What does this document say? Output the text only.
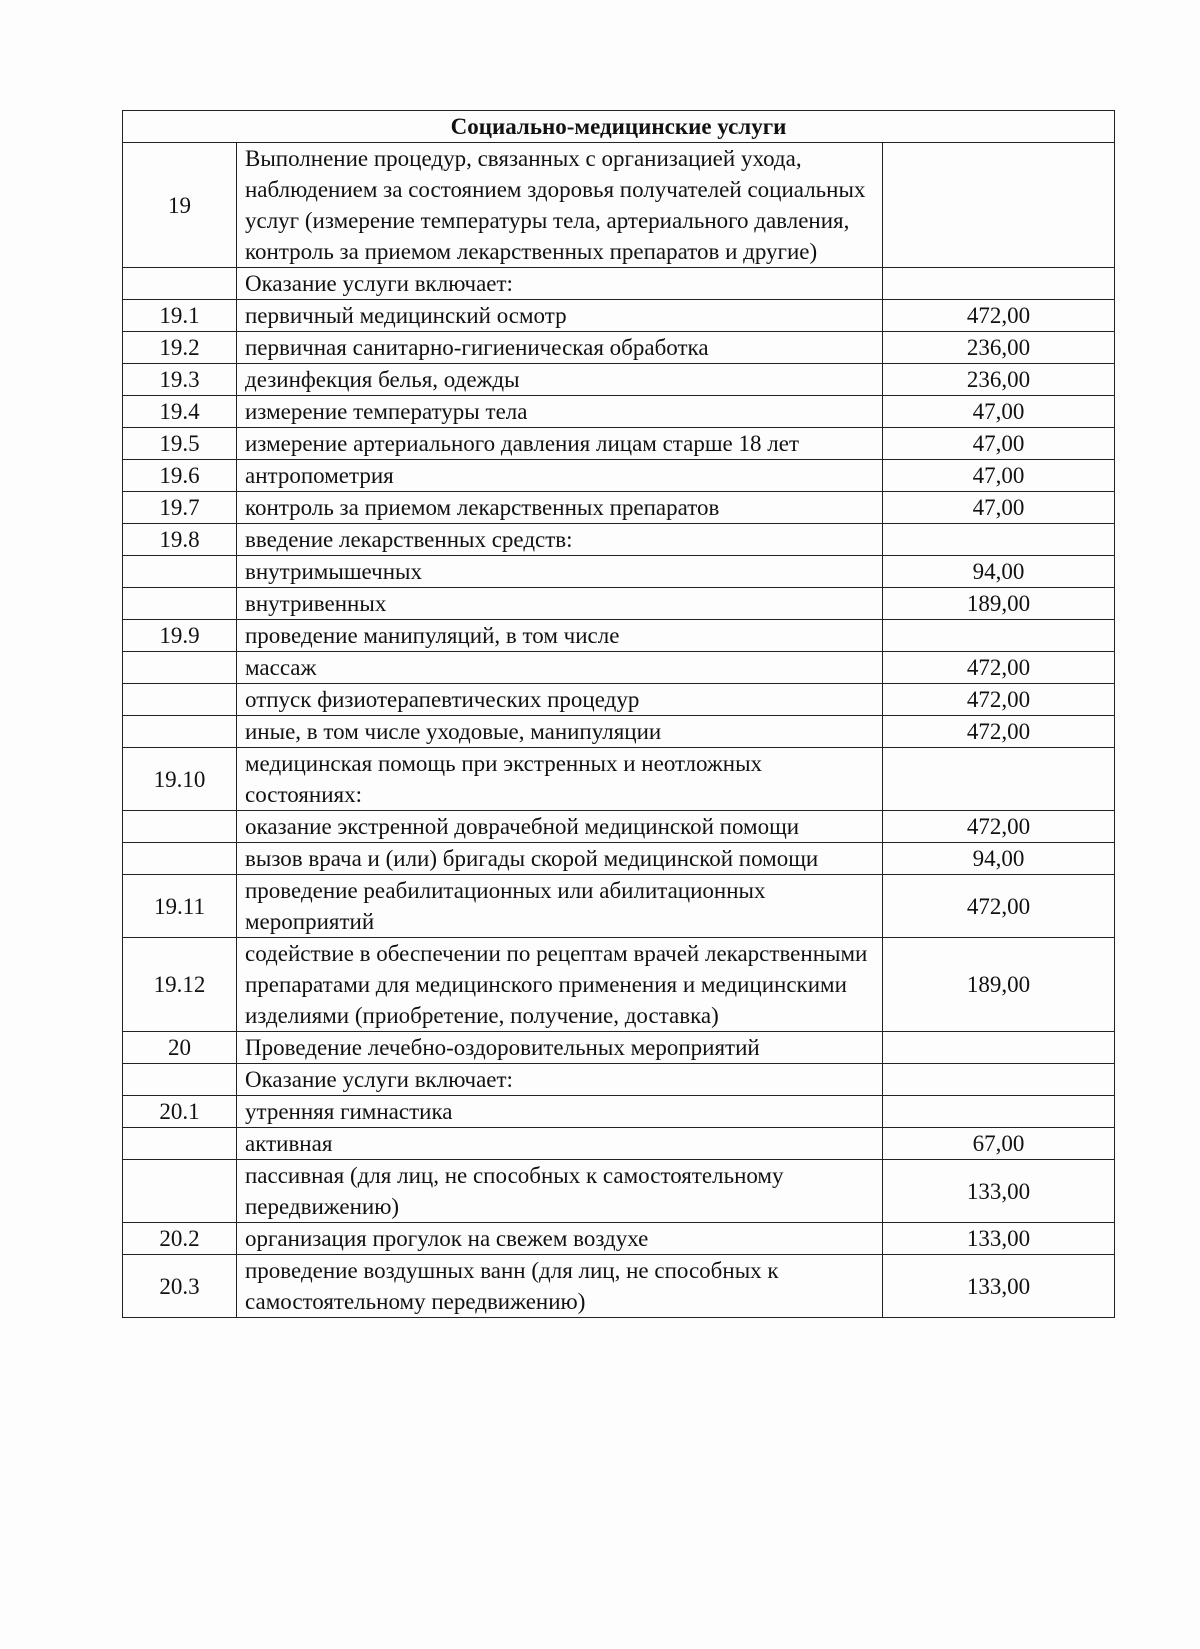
Социально-медицинские услуги		
19	Выполнение процедур, связанных с организацией ухода, наблюдением за состоянием здоровья получателей социальных услуг (измерение температуры тела, артериального давления, контроль за приемом лекарственных препаратов и другие)	
	Оказание услуги включает:	
19.1	первичный медицинский осмотр	472,00
19.2	первичная санитарно-гигиеническая обработка	236,00
19.3	дезинфекция белья, одежды	236,00
19.4	измерение температуры тела	47,00
19.5	измерение артериального давления лицам старше 18 лет	47,00
19.6	антропометрия	47,00
19.7	контроль за приемом лекарственных препаратов	47,00
19.8	введение лекарственных средств:	
	внутримышечных	94,00
	внутривенных	189,00
19.9	проведение манипуляций, в том числе	
	массаж	472,00
	отпуск физиотерапевтических процедур	472,00
	иные, в том числе уходовые, манипуляции	472,00
19.10	медицинская помощь при экстренных и неотложных состояниях:	
	оказание экстренной доврачебной медицинской помощи	472,00
	вызов врача и (или) бригады скорой медицинской помощи	94,00
19.11	проведение реабилитационных или абилитационных мероприятий	472,00
19.12	содействие в обеспечении по рецептам врачей лекарственными препаратами для медицинского применения и медицинскими изделиями (приобретение, получение, доставка)	189,00
20	Проведение лечебно-оздоровительных мероприятий	
	Оказание услуги включает:	
20.1	утренняя гимнастика	
	активная	67,00
	пассивная (для лиц, не способных к самостоятельному передвижению)	133,00
20.2	организация прогулок на свежем воздухе	133,00
20.3	проведение воздушных ванн (для лиц, не способных к самостоятельному передвижению)	133,00
